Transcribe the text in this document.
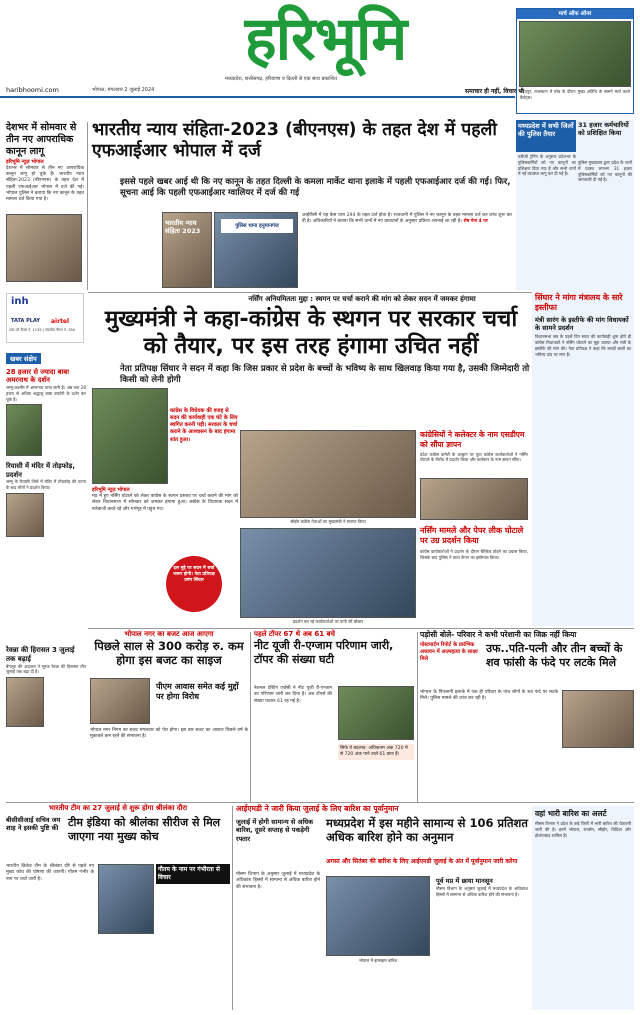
हरिभूमि
मध्यप्रदेश, छत्तीसगढ़, हरियाणा व दिल्ली से एक साथ प्रकाशित
समाचार ही नहीं, विचार भी
haribhoomi.com	भोपाल, मंगलवार 2 जुलाई 2024
मार्च ऑफ ऑनर
उदयपुर, राजस्थान में परेड के दौरान मुख्य अतिथि के सामने मार्च करते कैडेट्स।
देशभर में सोमवार से तीन नए आपराधिक कानून लागू
हरिभूमि न्यूज़ भोपाल
देशभर में सोमवार से तीन नए आपराधिक कानून लागू हो चुके हैं। भारतीय न्याय संहिता-2023 (बीएनएस) के तहत देश में पहली एफआईआर भोपाल में दर्ज की गई। भोपाल पुलिस ने बताया कि नए कानून के तहत मामला दर्ज किया गया है।
भारतीय न्याय संहिता-2023 (बीएनएस) के तहत देश में पहली एफआईआर भोपाल में दर्ज
इससे पहले खबर आई थी कि नए कानून के तहत दिल्ली के कमला मार्केट थाना इलाके में पहली एफआईआर दर्ज की गई। फिर, सूचना आई कि पहली एफआईआर ग्वालियर में दर्ज की गई
भारतीय न्याय संहिता 2023
पुलिस थाना हनुमानगंज
आईपीसी में यह केस धारा 294 के तहत दर्ज होता है। राजधानी में पुलिस ने नए कानून के तहत मामला दर्ज कर जांच शुरू कर दी है। अधिकारियों ने बताया कि सभी थानों में नए प्रावधानों के अनुसार प्रक्रिया अपनाई जा रही है। शेष पेज 4 पर
मध्यप्रदेश में सभी जिलों की पुलिस तैयार
एडीजी ट्रेनिंग के अनुसार प्रदेशभर के पुलिसकर्मियों को नए कानूनों का प्रशिक्षण दिया गया है और सभी थानों में नई व्यवस्था लागू कर दी गई है।
31 हजार कर्मचारियों को प्रशिक्षित किया
पुलिस मुख्यालय द्वारा प्रदेश के थानों में पदस्थ लगभग 31 हजार पुलिसकर्मियों को नए कानूनों की जानकारी दी गई है।
inh
TATA PLAY	airtel
टाटा प्ले चैनल नं. 1135 | एयरटेल चैनल नं. 350
नर्सिंग अनियमितता मुद्दा : स्थगन पर चर्चा कराने की मांग को लेकर सदन में जमकर हंगामा
मुख्यमंत्री ने कहा-कांग्रेस के स्थगन पर सरकार चर्चा को तैयार, पर इस तरह हंगामा उचित नहीं
नेता प्रतिपक्ष सिंघार ने सदन में कहा कि जिस प्रकार से प्रदेश के बच्चों के भविष्य के साथ खिलवाड़ किया गया है, उसकी जिम्मेदारी तो किसी को लेनी होगी
कांग्रेस के विधेयक की वजह से सदन की कार्यवाही एक घंटे के लिए स्थगित करनी पड़ी। सरकार के चर्चा कराने के आश्वासन के बाद हंगामा शांत हुआ।
सीहोर कांग्रेस नेताओं का मुख्यमंत्री ने स्वागत किया
हरिभूमि न्यूज़ भोपाल
मप्र में हुए नर्सिंग घोटाले को लेकर कांग्रेस के स्थगन प्रस्ताव पर चर्चा कराने की मांग को लेकर विधानसभा में सोमवार को जमकर हंगामा हुआ। कांग्रेस के विधायक सदन में नारेबाजी करते रहे और गर्भगृह में पहुंच गए।
इस मुद्दे पर सदन में चर्चा जरूर होगी। नेता प्रतिपक्ष उमंग सिंघार
कांग्रेसियों ने कलेक्टर के नाम एसडीएम को सौंपा ज्ञापन
प्रदेश कांग्रेस कमेटी के आह्वान पर युवा कांग्रेस कार्यकर्ताओं ने नर्सिंग घोटाले के विरोध में प्रदर्शन किया और कलेक्टर के नाम ज्ञापन सौंपा।
प्रदर्शन कर रहे कार्यकर्ताओं पर पानी की बौछार
नर्सिंग मामले और पेपर लीक घोटाले पर उग्र प्रदर्शन किया
कांग्रेस कार्यकर्ताओं ने प्रदर्शन के दौरान बैरिकेड तोड़ने का प्रयास किया, जिसके बाद पुलिस ने वाटर कैनन का इस्तेमाल किया।
सिंघार ने मांगा मंत्रालय के सारे इस्तीफा
मंत्री सारंग के इस्तीफे की मांग विधायकों के सामने प्रदर्शन
विधानसभा सत्र के पहले दिन सदन की कार्यवाही शुरू होते ही कांग्रेस विधायकों ने नर्सिंग घोटाले का मुद्दा उठाया और मंत्री के इस्तीफे की मांग की। नेता प्रतिपक्ष ने कहा कि लाखों छात्रों का भविष्य दांव पर लगा है।
खबर संक्षेप
28 हजार से ज्यादा बाबा अमरनाथ के दर्शन
जम्मू-कश्मीर में अमरनाथ यात्रा जारी है। अब तक 28 हजार से अधिक श्रद्धालु बाबा बर्फानी के दर्शन कर चुके हैं।
रियासी में मंदिर में तोड़फोड़, प्रदर्शन
जम्मू के रियासी जिले में मंदिर में तोड़फोड़ की घटना के बाद लोगों ने प्रदर्शन किया।
रेवन्ना की हिरासत 3 जुलाई तक बढ़ाई
बेंगलुरु की अदालत ने सूरज रेवन्ना की हिरासत तीन जुलाई तक बढ़ा दी है।
भोपाल नगर का बजट आज आएगा
पिछले साल से 300 करोड़ रु. कम होगा इस बजट का साइज
पीएम आवास समेत कई मुद्दों पर होगा विरोध
भोपाल नगर निगम का बजट मंगलवार को पेश होगा। इस बार बजट का आकार पिछले वर्ष के मुकाबले कम रहने की संभावना है।
पहले टॉपर 67 थे अब 61 बचे
नीट यूजी री-एग्जाम परिणाम जारी, टॉपर की संख्या घटी
नेशनल टेस्टिंग एजेंसी ने नीट यूजी री-एग्जाम का परिणाम जारी कर दिया है। अब टॉपर्स की संख्या घटकर 61 रह गई है।
सिर्फ ये बदलाव: अधिकतम अंक 720 में से 720 अंक पाने वाले 61 छात्र हैं।
पड़ोसी बोले- परिवार ने कभी परेशानी का जिक्र नहीं किया
पोस्टमार्टम रिपोर्ट के प्रारंभिक अध्ययन में आत्महत्या के साक्ष्य मिले
उफ..पति-पत्नी और तीन बच्चों के शव फांसी के फंदे पर लटके मिले
भोपाल के पिपलानी इलाके में एक ही परिवार के पांच लोगों के शव फंदे पर लटके मिले। पुलिस मामले की जांच कर रही है।
भारतीय टीम का 27 जुलाई से शुरू होगा श्रीलंका दौरा
बीसीसीआई सचिव जय शाह ने इसकी पुष्टि की टीम इंडिया को श्रीलंका सीरीज से मिल जाएगा नया मुख्य कोच
भारतीय क्रिकेट टीम के श्रीलंका दौरे से पहले नए मुख्य कोच की घोषणा की जाएगी। गौतम गंभीर के नाम पर चर्चा जारी है।
गौतम के नाम पर गंभीरता से विचार
आईएमडी ने जारी किया जुलाई के लिए बारिश का पूर्वानुमान
जुलाई में होगी सामान्य से अधिक बारिश, दूसरे सप्ताह से पकड़ेगी रफ्तार
मध्यप्रदेश में इस महीने सामान्य से 106 प्रतिशत अधिक बारिश होने का अनुमान
अगस्त और सितंबर की बारिश के लिए आईएमडी जुलाई के अंत में पूर्वानुमान जारी करेगा
मौसम विभाग के अनुसार जुलाई में मध्यप्रदेश के अधिकांश हिस्सों में सामान्य से अधिक बारिश होने की संभावना है।
भोपाल में झमाझम बारिश
पूर्व मप्र में छाया मानसून
मौसम विभाग के अनुसार जुलाई में मध्यप्रदेश के अधिकांश हिस्सों में सामान्य से अधिक बारिश होने की संभावना है।
वहां भारी बारिश का अलर्ट
मौसम विभाग ने प्रदेश के कई जिलों में भारी बारिश की चेतावनी जारी की है। इनमें भोपाल, रायसेन, सीहोर, विदिशा और होशंगाबाद शामिल हैं।
